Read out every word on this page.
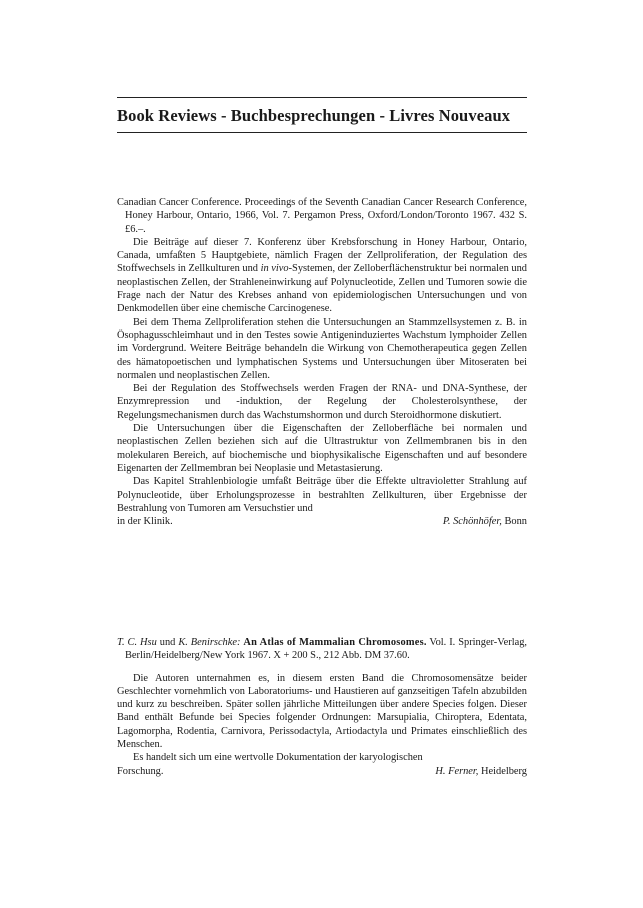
Book Reviews - Buchbesprechungen - Livres Nouveaux

Canadian Cancer Conference. Proceedings of the Seventh Canadian Cancer Research Conference, Honey Harbour, Ontario, 1966, Vol. 7. Pergamon Press, Oxford/London/Toronto 1967. 432 S. £6.–.

Die Beiträge auf dieser 7. Konferenz über Krebsforschung in Honey Harbour, Ontario, Canada, umfaßten 5 Hauptgebiete, nämlich Fragen der Zellproliferation, der Regulation des Stoffwechsels in Zellkulturen und in vivo-Systemen, der Zelloberflächenstruktur bei normalen und neoplastischen Zellen, der Strahleneinwirkung auf Polynucleotide, Zellen und Tumoren sowie die Frage nach der Natur des Krebses anhand von epidemiologischen Untersuchungen und von Denkmodellen über eine chemische Carcinogenese.

Bei dem Thema Zellproliferation stehen die Untersuchungen an Stammzellsystemen z. B. in Ösophagusschleimhaut und in den Testes sowie Antigeninduziertes Wachstum lymphoider Zellen im Vordergrund. Weitere Beiträge behandeln die Wirkung von Chemotherapeutica gegen Zellen des hämatopoetischen und lymphatischen Systems und Untersuchungen über Mitoseraten bei normalen und neoplastischen Zellen.

Bei der Regulation des Stoffwechsels werden Fragen der RNA- und DNA-Synthese, der Enzymrepression und -induktion, der Regelung der Cholesterolsynthese, der Regelungsmechanismen durch das Wachstumshormon und durch Steroidhormone diskutiert.

Die Untersuchungen über die Eigenschaften der Zelloberfläche bei normalen und neoplastischen Zellen beziehen sich auf die Ultrastruktur von Zellmembranen bis in den molekularen Bereich, auf biochemische und biophysikalische Eigenschaften und auf besondere Eigenarten der Zellmembran bei Neoplasie und Metastasierung.

Das Kapitel Strahlenbiologie umfaßt Beiträge über die Effekte ultravioletter Strahlung auf Polynucleotide, über Erholungsprozesse in bestrahlten Zellkulturen, über Ergebnisse der Bestrahlung von Tumoren am Versuchstier und

in der Klinik.	P. Schönhöfer, Bonn

T. C. Hsu und K. Benirschke: An Atlas of Mammalian Chromosomes. Vol. I. Springer-Verlag, Berlin/Heidelberg/New York 1967. X + 200 S., 212 Abb. DM 37.60.

Die Autoren unternahmen es, in diesem ersten Band die Chromosomensätze beider Geschlechter vornehmlich von Laboratoriums- und Haustieren auf ganzseitigen Tafeln abzubilden und kurz zu beschreiben. Später sollen jährliche Mitteilungen über andere Species folgen. Dieser Band enthält Befunde bei Species folgender Ordnungen: Marsupialia, Chiroptera, Edentata, Lagomorpha, Rodentia, Carnivora, Perissodactyla, Artiodactyla und Primates einschließlich des Menschen.

Es handelt sich um eine wertvolle Dokumentation der karyologischen

Forschung.	H. Ferner, Heidelberg
